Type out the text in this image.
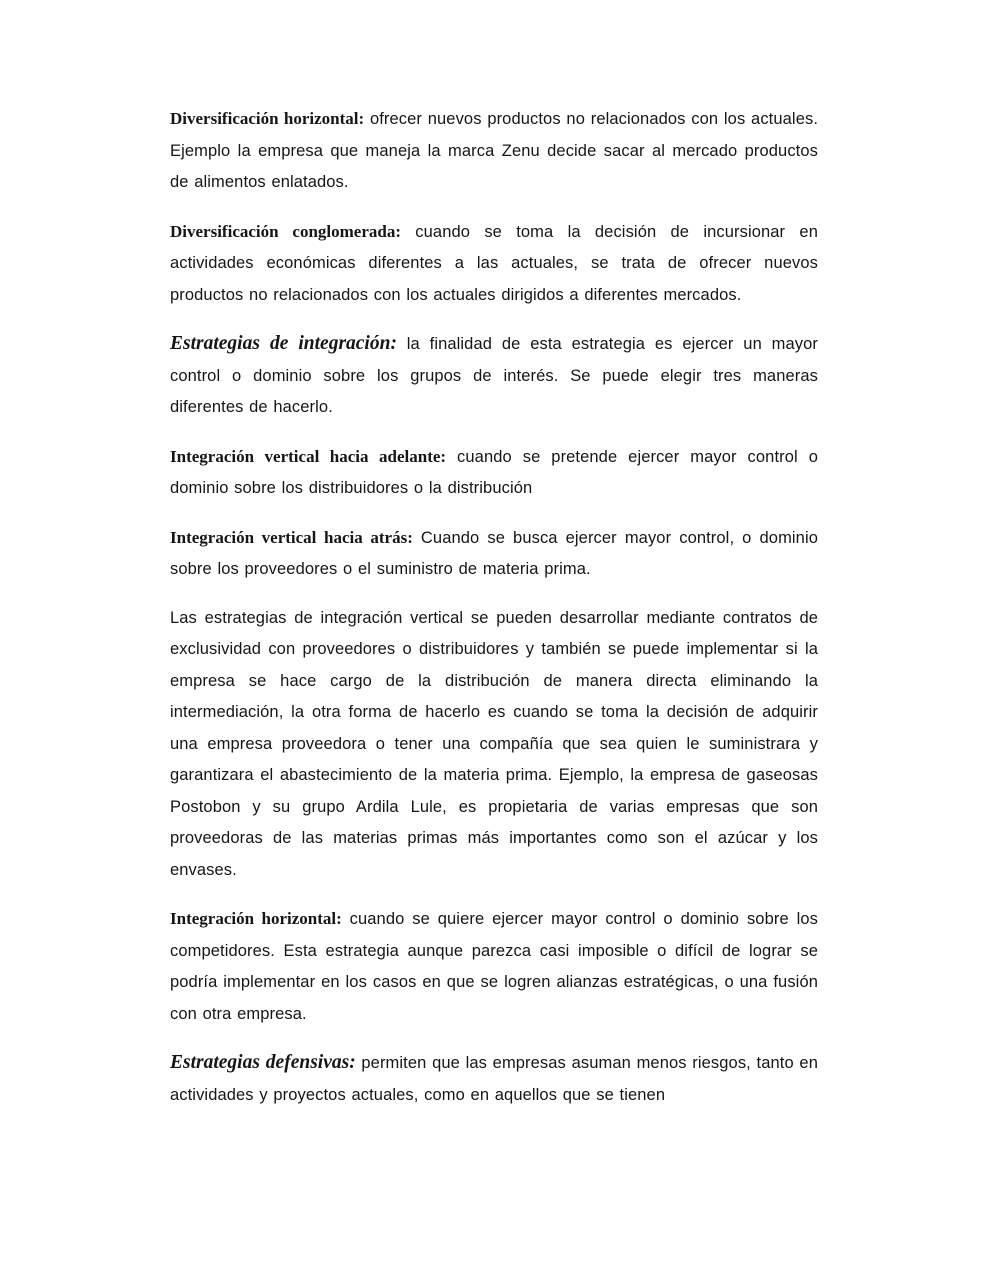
Diversificación horizontal: ofrecer nuevos productos no relacionados con los actuales. Ejemplo la empresa que maneja la marca Zenu decide sacar al mercado productos de alimentos enlatados.

Diversificación conglomerada: cuando se toma la decisión de incursionar en actividades económicas diferentes a las actuales, se trata de ofrecer nuevos productos no relacionados con los actuales dirigidos a diferentes mercados.

Estrategias de integración: la finalidad de esta estrategia es ejercer un mayor control o dominio sobre los grupos de interés. Se puede elegir tres maneras diferentes de hacerlo.

Integración vertical hacia adelante: cuando se pretende ejercer mayor control o dominio sobre los distribuidores o la distribución

Integración vertical hacia atrás: Cuando se busca ejercer mayor control, o dominio sobre los proveedores o el suministro de materia prima.

Las estrategias de integración vertical se pueden desarrollar mediante contratos de exclusividad con proveedores o distribuidores y también se puede implementar si la empresa se hace cargo de la distribución de manera directa eliminando la intermediación, la otra forma de hacerlo es cuando se toma la decisión de adquirir una empresa proveedora o tener una compañía que sea quien le suministrara y garantizara el abastecimiento de la materia prima. Ejemplo, la empresa de gaseosas Postobon y su grupo Ardila Lule, es propietaria de varias empresas que son proveedoras de las materias primas más importantes como son el azúcar y los envases.

Integración horizontal: cuando se quiere ejercer mayor control o dominio sobre los competidores. Esta estrategia aunque parezca casi imposible o difícil de lograr se podría implementar en los casos en que se logren alianzas estratégicas, o una fusión con otra empresa.

Estrategias defensivas: permiten que las empresas asuman menos riesgos, tanto en actividades y proyectos actuales, como en aquellos que se tienen
